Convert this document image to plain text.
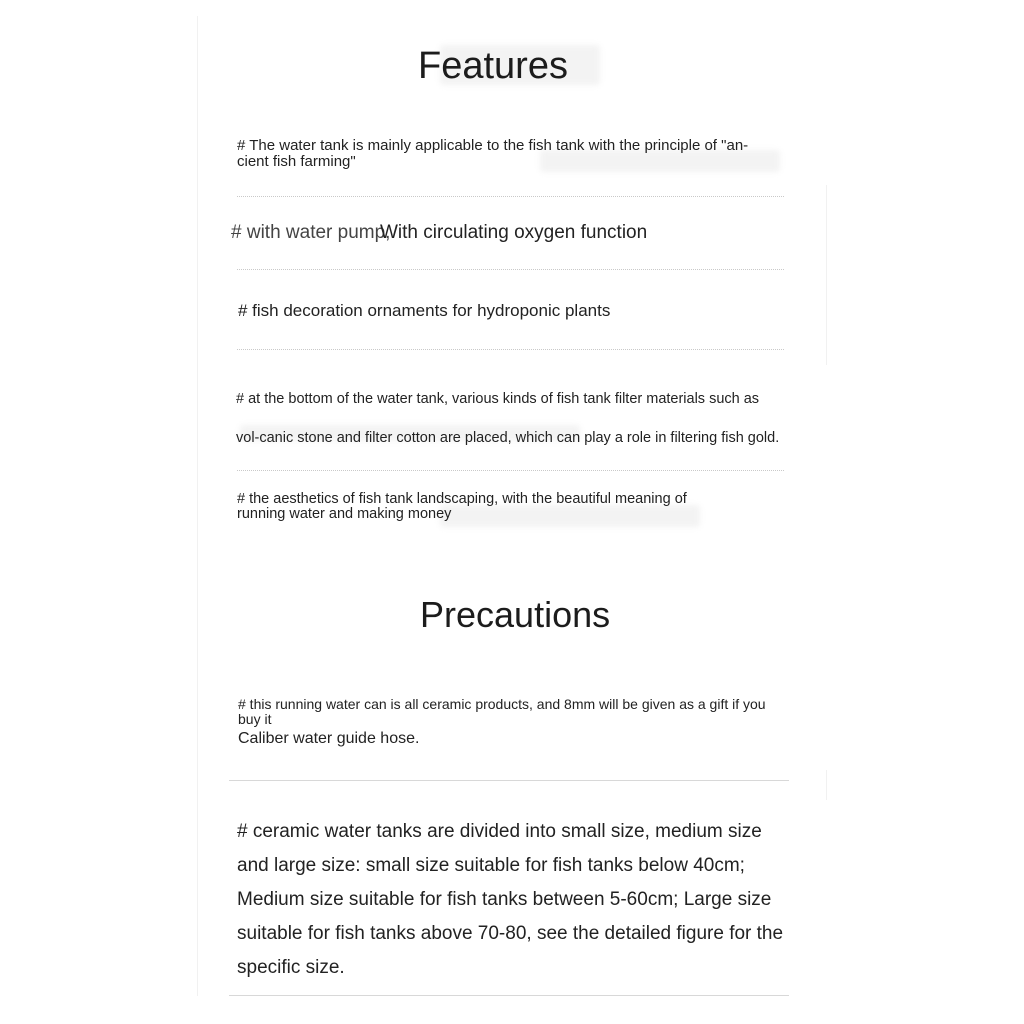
Features

# The water tank is mainly applicable to the fish tank with the principle of "an-cient fish farming"

# with water pump,
With circulating oxygen function

# fish decoration ornaments for hydroponic plants

# at the bottom of the water tank, various kinds of fish tank filter materials such as vol-canic stone and filter cotton are placed, which can play a role in filtering fish gold.

# the aesthetics of fish tank landscaping, with the beautiful meaning of running water and making money

Precautions
# this running water can is all ceramic products, and 8mm will be given as a gift if you buy it
Caliber water guide hose.

# ceramic water tanks are divided into small size, medium size and large size: small size suitable for fish tanks below 40cm; Medium size suitable for fish tanks between 5-60cm; Large size suitable for fish tanks above 70-80, see the detailed figure for the specific size.
